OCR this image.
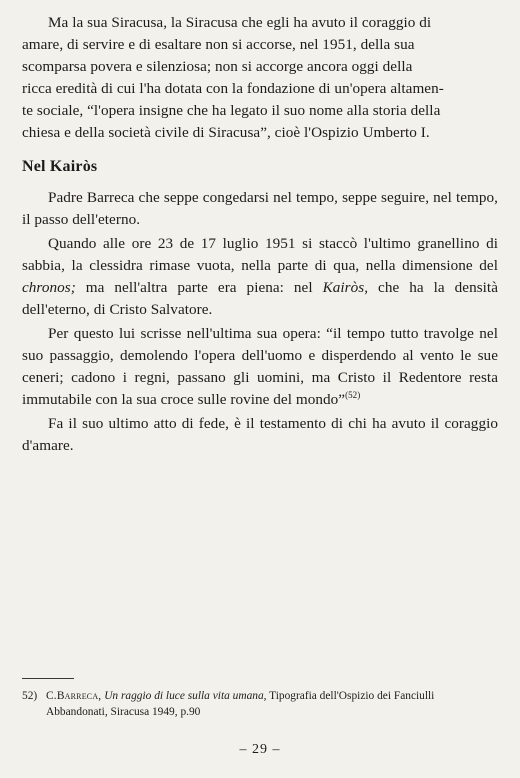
Ma la sua Siracusa, la Siracusa che egli ha avuto il coraggio di
amare, di servire e di esaltare non si accorse, nel 1951, della sua
scomparsa povera e silenziosa; non si accorge ancora oggi della
ricca eredità di cui l'ha dotata con la fondazione di un'opera altamen-
te sociale, “l'opera insigne che ha legato il suo nome alla storia della
chiesa e della società civile di Siracusa”, cioè l'Ospizio Umberto I.
Nel Kairòs

Padre Barreca che seppe congedarsi nel tempo, seppe seguire, nel tempo, il passo dell'eterno.

Quando alle ore 23 de 17 luglio 1951 si staccò l'ultimo granellino di sabbia, la clessidra rimase vuota, nella parte di qua, nella dimensione del chronos; ma nell'altra parte era piena: nel Kairòs, che ha la densità dell'eterno, di Cristo Salvatore.

Per questo lui scrisse nell'ultima sua opera: “il tempo tutto travolge nel suo passaggio, demolendo l'opera dell'uomo e disperdendo al vento le sue ceneri; cadono i regni, passano gli uomini, ma Cristo il Redentore resta immutabile con la sua croce sulle rovine del mondo”$^{(52)}$

Fa il suo ultimo atto di fede, è il testamento di chi ha avuto il coraggio d'amare.

52) C.Barreca, Un raggio di luce sulla vita umana, Tipografia dell'Ospizio dei Fanciulli
Abbandonati, Siracusa 1949, p.90
– 29 –
